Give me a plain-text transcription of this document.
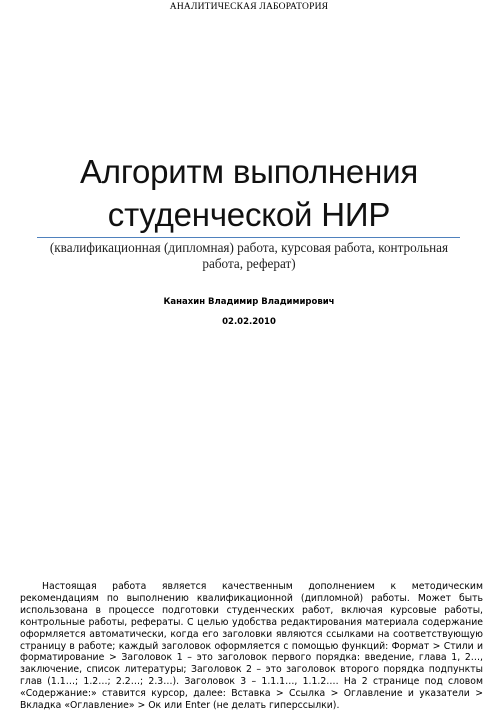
АНАЛИТИЧЕСКАЯ ЛАБОРАТОРИЯ
Алгоритм выполнения
студенческой НИР
(квалификационная (дипломная) работа, курсовая работа, контрольная работа, реферат)
Канахин Владимир Владимирович
02.02.2010

Настоящая работа является качественным дополнением к методическим рекомендациям по выполнению квалификационной (дипломной) работы. Может быть использована в процессе подготовки студенческих работ, включая курсовые работы, контрольные работы, рефераты. С целью удобства редактирования материала содержание оформляется автоматически, когда его заголовки являются ссылками на соответствующую страницу в работе; каждый заголовок оформляется с помощью функций: Формат > Стили и форматирование > Заголовок 1 – это заголовок первого порядка: введение, глава 1, 2…, заключение, список литературы; Заголовок 2 – это заголовок второго порядка подпункты глав (1.1…; 1.2…; 2.2…; 2.3…). Заголовок 3 – 1.1.1…, 1.1.2…. На 2 странице под словом «Содержание:» ставится курсор, далее: Вставка > Ссылка > Оглавление и указатели > Вкладка «Оглавление» > Ок или Enter (не делать гиперссылки).
